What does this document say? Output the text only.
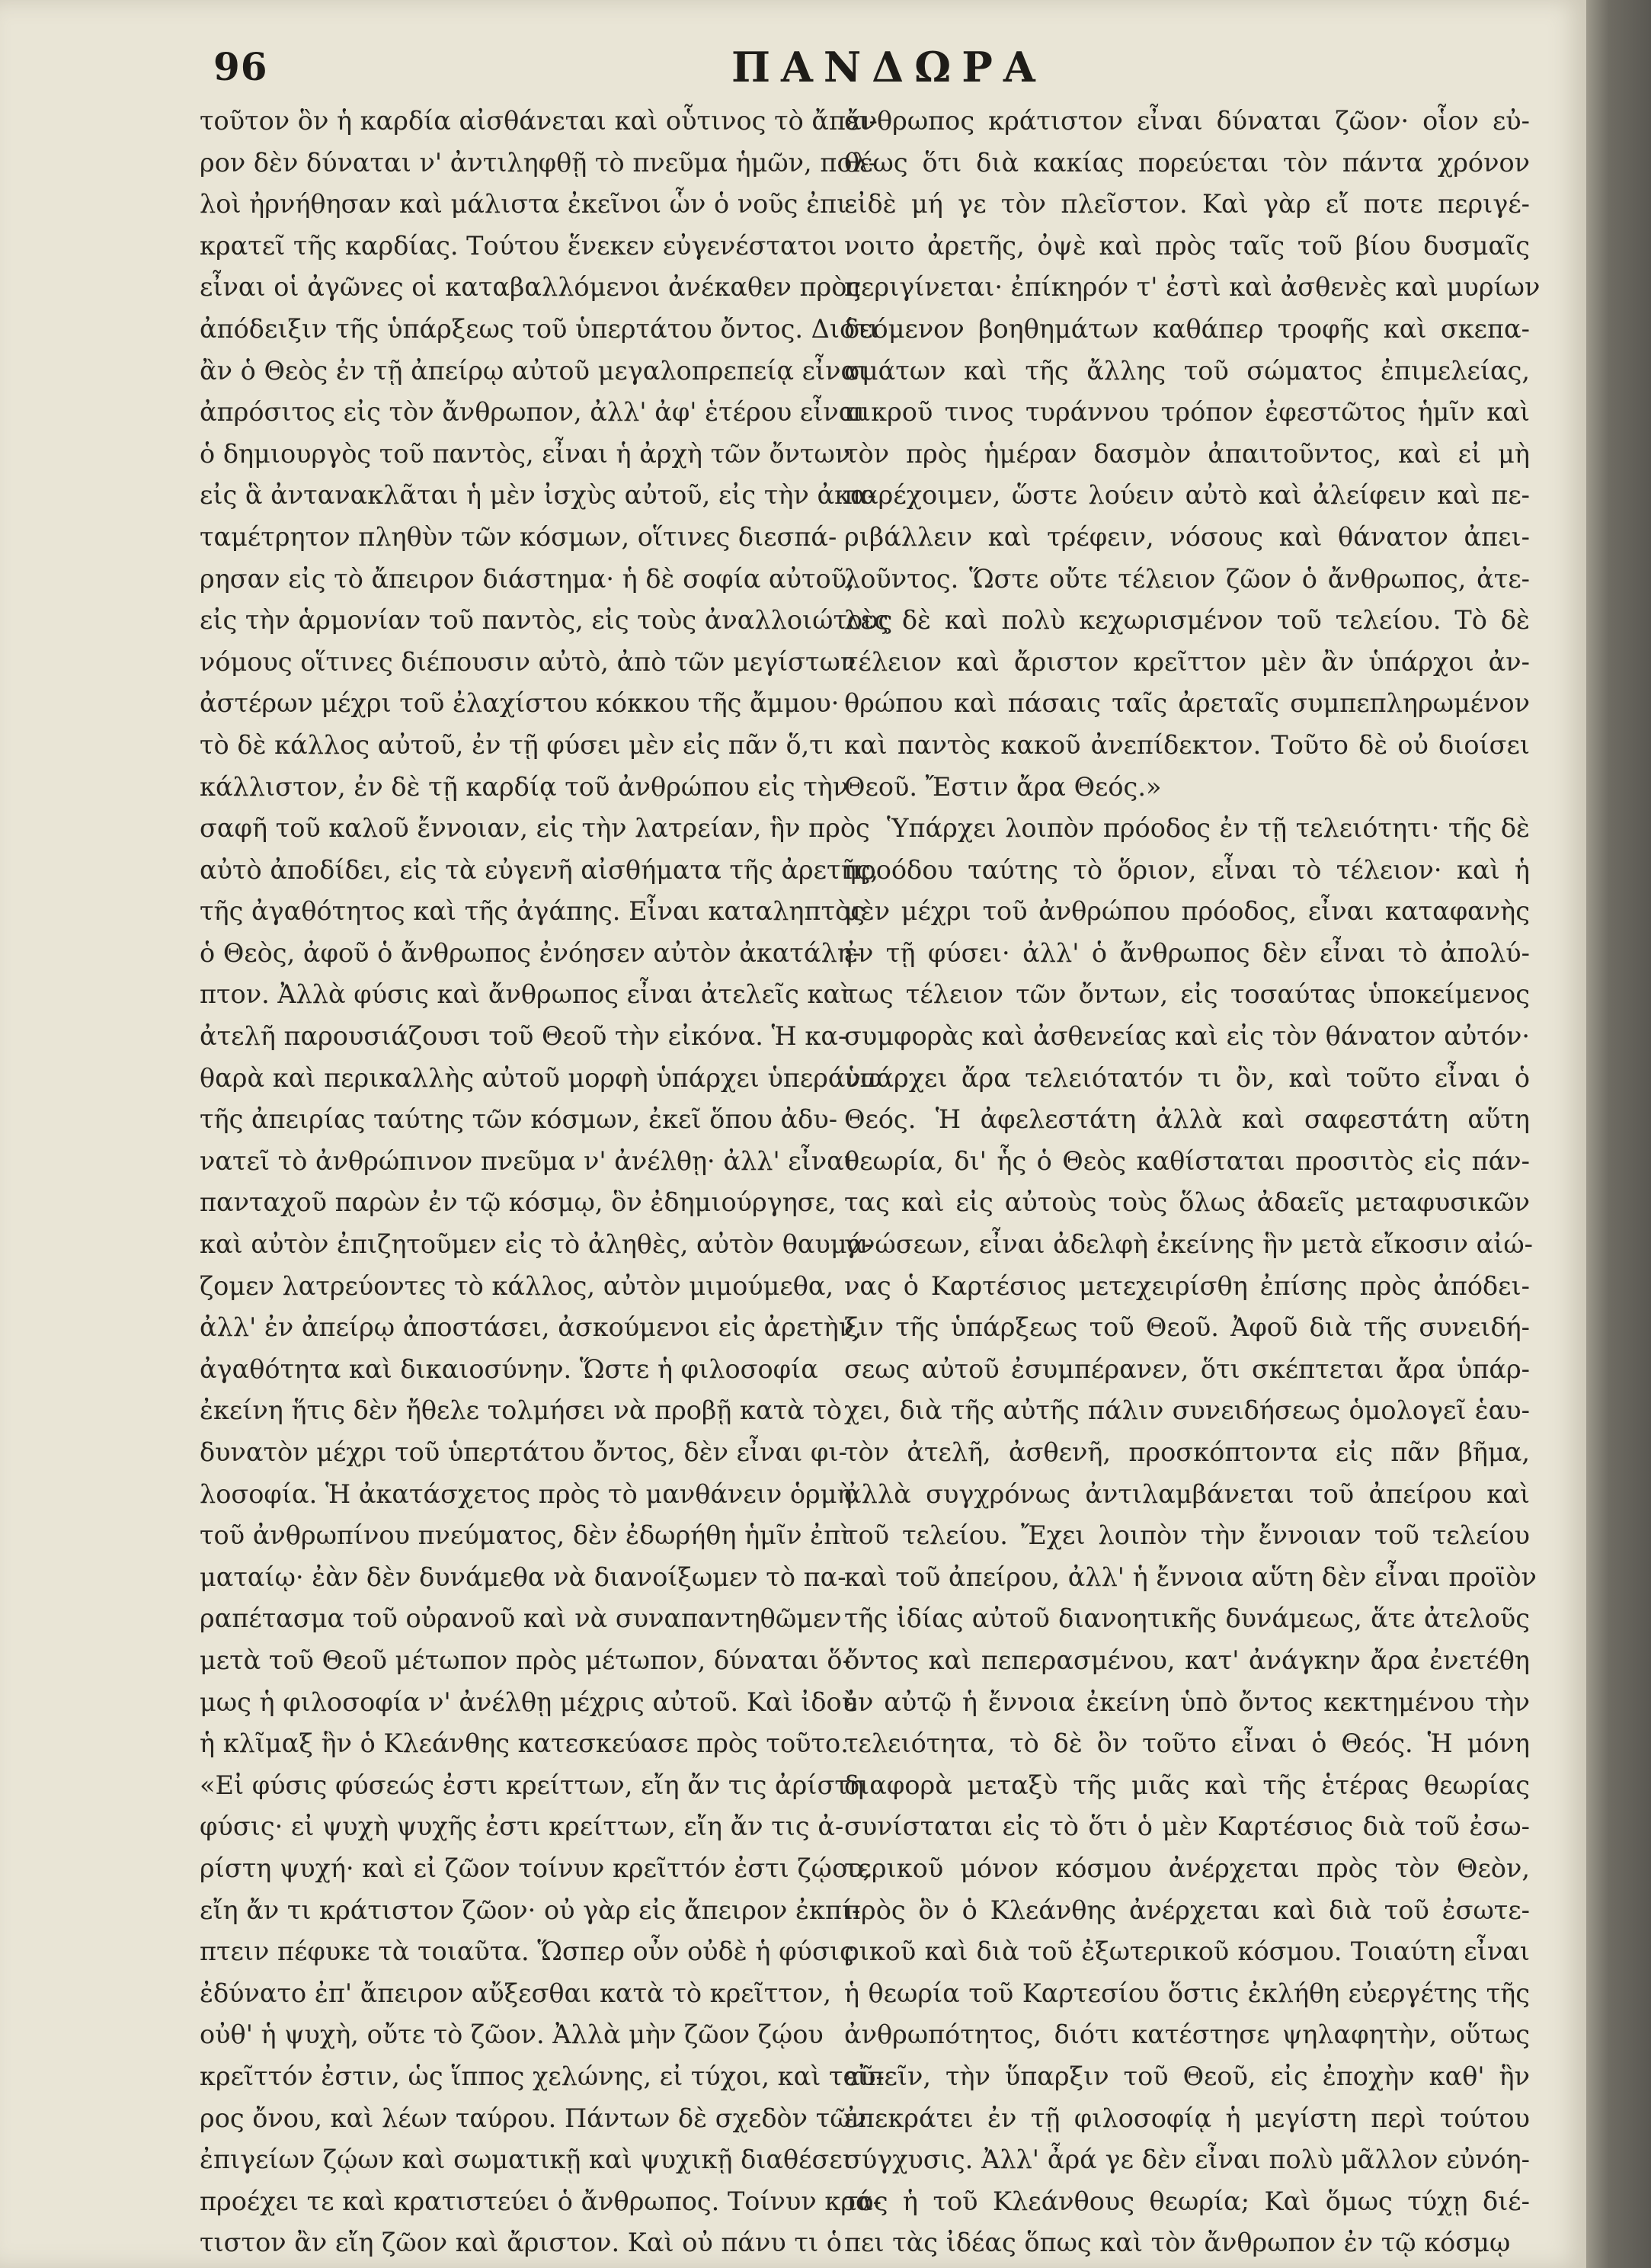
96	ΠΑΝΔΩΡΑ
τοῦτον ὃν ἡ καρδία αἰσθάνεται καὶ οὗτινος τὸ ἄπει-
ρον δὲν δύναται ν' ἀντιληφθῇ τὸ πνεῦμα ἡμῶν, πολ-
λοὶ ἠρνήθησαν καὶ μάλιστα ἐκεῖνοι ὧν ὁ νοῦς ἐπι-
κρατεῖ τῆς καρδίας. Τούτου ἕνεκεν εὐγενέστατοι
εἶναι οἱ ἀγῶνες οἱ καταβαλλόμενοι ἀνέκαθεν πρὸς
ἀπόδειξιν τῆς ὑπάρξεως τοῦ ὑπερτάτου ὄντος. Διότι
ἂν ὁ Θεὸς ἐν τῇ ἀπείρῳ αὐτοῦ μεγαλοπρεπείᾳ εἶναι
ἀπρόσιτος εἰς τὸν ἄνθρωπον, ἀλλ' ἀφ' ἑτέρου εἶναι
ὁ δημιουργὸς τοῦ παντὸς, εἶναι ἡ ἀρχὴ τῶν ὄντων
εἰς ἃ ἀντανακλᾶται ἡ μὲν ἰσχὺς αὐτοῦ, εἰς τὴν ἀκα-
ταμέτρητον πληθὺν τῶν κόσμων, οἵτινες διεσπά-
ρησαν εἰς τὸ ἄπειρον διάστημα· ἡ δὲ σοφία αὐτοῦ,
εἰς τὴν ἁρμονίαν τοῦ παντὸς, εἰς τοὺς ἀναλλοιώτους
νόμους οἵτινες διέπουσιν αὐτὸ, ἀπὸ τῶν μεγίστων
ἀστέρων μέχρι τοῦ ἐλαχίστου κόκκου τῆς ἄμμου·
τὸ δὲ κάλλος αὐτοῦ, ἐν τῇ φύσει μὲν εἰς πᾶν ὅ,τι
κάλλιστον, ἐν δὲ τῇ καρδίᾳ τοῦ ἀνθρώπου εἰς τὴν
σαφῆ τοῦ καλοῦ ἔννοιαν, εἰς τὴν λατρείαν, ἣν πρὸς
αὐτὸ ἀποδίδει, εἰς τὰ εὐγενῆ αἰσθήματα τῆς ἀρετῆς,
τῆς ἀγαθότητος καὶ τῆς ἀγάπης. Εἶναι καταληπτὸς
ὁ Θεὸς, ἀφοῦ ὁ ἄνθρωπος ἐνόησεν αὐτὸν ἀκατάλη-
πτον. Ἀλλὰ φύσις καὶ ἄνθρωπος εἶναι ἀτελεῖς καὶ
ἀτελῆ παρουσιάζουσι τοῦ Θεοῦ τὴν εἰκόνα. Ἡ κα-
θαρὰ καὶ περικαλλὴς αὐτοῦ μορφὴ ὑπάρχει ὑπεράνω
τῆς ἀπειρίας ταύτης τῶν κόσμων, ἐκεῖ ὅπου ἀδυ-
νατεῖ τὸ ἀνθρώπινον πνεῦμα ν' ἀνέλθῃ· ἀλλ' εἶναι
πανταχοῦ παρὼν ἐν τῷ κόσμῳ, ὃν ἐδημιούργησε,
καὶ αὐτὸν ἐπιζητοῦμεν εἰς τὸ ἀληθὲς, αὐτὸν θαυμά-
ζομεν λατρεύοντες τὸ κάλλος, αὐτὸν μιμούμεθα,
ἀλλ' ἐν ἀπείρῳ ἀποστάσει, ἀσκούμενοι εἰς ἀρετὴν,
ἀγαθότητα καὶ δικαιοσύνην. Ὥστε ἡ φιλοσοφία
ἐκείνη ἥτις δὲν ἤθελε τολμήσει νὰ προβῇ κατὰ τὸ
δυνατὸν μέχρι τοῦ ὑπερτάτου ὄντος, δὲν εἶναι φι-
λοσοφία. Ἡ ἀκατάσχετος πρὸς τὸ μανθάνειν ὁρμὴ
τοῦ ἀνθρωπίνου πνεύματος, δὲν ἐδωρήθη ἡμῖν ἐπὶ
ματαίῳ· ἐὰν δὲν δυνάμεθα νὰ διανοίξωμεν τὸ πα-
ραπέτασμα τοῦ οὐρανοῦ καὶ νὰ συναπαντηθῶμεν
μετὰ τοῦ Θεοῦ μέτωπον πρὸς μέτωπον, δύναται ὅ-
μως ἡ φιλοσοφία ν' ἀνέλθῃ μέχρις αὐτοῦ. Καὶ ἰδοὺ
ἡ κλῖμαξ ἣν ὁ Κλεάνθης κατεσκεύασε πρὸς τοῦτο.
«Εἰ φύσις φύσεώς ἐστι κρείττων, εἴη ἄν τις ἀρίστη
φύσις· εἰ ψυχὴ ψυχῆς ἐστι κρείττων, εἴη ἄν τις ἀ-
ρίστη ψυχή· καὶ εἰ ζῶον τοίνυν κρεῖττόν ἐστι ζῴου,
εἴη ἄν τι κράτιστον ζῶον· οὐ γὰρ εἰς ἄπειρον ἐκπί-
πτειν πέφυκε τὰ τοιαῦτα. Ὥσπερ οὖν οὐδὲ ἡ φύσις
ἐδύνατο ἐπ' ἄπειρον αὔξεσθαι κατὰ τὸ κρεῖττον,
οὐθ' ἡ ψυχὴ, οὔτε τὸ ζῶον. Ἀλλὰ μὴν ζῶον ζῴου
κρεῖττόν ἐστιν, ὡς ἵππος χελώνης, εἰ τύχοι, καὶ ταῦ-
ρος ὄνου, καὶ λέων ταύρου. Πάντων δὲ σχεδὸν τῶν
ἐπιγείων ζῴων καὶ σωματικῇ καὶ ψυχικῇ διαθέσει
προέχει τε καὶ κρατιστεύει ὁ ἄνθρωπος. Τοίνυν κρά-
τιστον ἂν εἴη ζῶον καὶ ἄριστον. Καὶ οὐ πάνυ τι ὁ
ἄνθρωπος κράτιστον εἶναι δύναται ζῶον· οἷον εὐ-
θέως ὅτι διὰ κακίας πορεύεται τὸν πάντα χρόνον
εἰδὲ μή γε τὸν πλεῖστον. Καὶ γὰρ εἴ ποτε περιγέ-
νοιτο ἀρετῆς, ὀψὲ καὶ πρὸς ταῖς τοῦ βίου δυσμαῖς
περιγίνεται· ἐπίκηρόν τ' ἐστὶ καὶ ἀσθενὲς καὶ μυρίων
δεόμενον βοηθημάτων καθάπερ τροφῆς καὶ σκεπα-
σμάτων καὶ τῆς ἄλλης τοῦ σώματος ἐπιμελείας,
πικροῦ τινος τυράννου τρόπον ἐφεστῶτος ἡμῖν καὶ
τὸν πρὸς ἡμέραν δασμὸν ἀπαιτοῦντος, καὶ εἰ μὴ
παρέχοιμεν, ὥστε λούειν αὐτὸ καὶ ἀλείφειν καὶ πε-
ριβάλλειν καὶ τρέφειν, νόσους καὶ θάνατον ἀπει-
λοῦντος. Ὥστε οὔτε τέλειον ζῶον ὁ ἄνθρωπος, ἀτε-
λὲς δὲ καὶ πολὺ κεχωρισμένον τοῦ τελείου. Τὸ δὲ
τέλειον καὶ ἄριστον κρεῖττον μὲν ἂν ὑπάρχοι ἀν-
θρώπου καὶ πάσαις ταῖς ἀρεταῖς συμπεπληρωμένον
καὶ παντὸς κακοῦ ἀνεπίδεκτον. Τοῦτο δὲ οὐ διοίσει
Θεοῦ. Ἔστιν ἄρα Θεός.»
Ὑπάρχει λοιπὸν πρόοδος ἐν τῇ τελειότητι· τῆς δὲ
προόδου ταύτης τὸ ὅριον, εἶναι τὸ τέλειον· καὶ ἡ
μὲν μέχρι τοῦ ἀνθρώπου πρόοδος, εἶναι καταφανὴς
ἐν τῇ φύσει· ἀλλ' ὁ ἄνθρωπος δὲν εἶναι τὸ ἀπολύ-
τως τέλειον τῶν ὄντων, εἰς τοσαύτας ὑποκείμενος
συμφορὰς καὶ ἀσθενείας καὶ εἰς τὸν θάνατον αὐτόν·
ὑπάρχει ἄρα τελειότατόν τι ὂν, καὶ τοῦτο εἶναι ὁ
Θεός. Ἡ ἀφελεστάτη ἀλλὰ καὶ σαφεστάτη αὕτη
θεωρία, δι' ἧς ὁ Θεὸς καθίσταται προσιτὸς εἰς πάν-
τας καὶ εἰς αὐτοὺς τοὺς ὅλως ἀδαεῖς μεταφυσικῶν
γνώσεων, εἶναι ἀδελφὴ ἐκείνης ἣν μετὰ εἴκοσιν αἰώ-
νας ὁ Καρτέσιος μετεχειρίσθη ἐπίσης πρὸς ἀπόδει-
ξιν τῆς ὑπάρξεως τοῦ Θεοῦ. Ἀφοῦ διὰ τῆς συνειδή-
σεως αὐτοῦ ἐσυμπέρανεν, ὅτι σκέπτεται ἄρα ὑπάρ-
χει, διὰ τῆς αὐτῆς πάλιν συνειδήσεως ὁμολογεῖ ἑαυ-
τὸν ἀτελῆ, ἀσθενῆ, προσκόπτοντα εἰς πᾶν βῆμα,
ἀλλὰ συγχρόνως ἀντιλαμβάνεται τοῦ ἀπείρου καὶ
τοῦ τελείου. Ἔχει λοιπὸν τὴν ἔννοιαν τοῦ τελείου
καὶ τοῦ ἀπείρου, ἀλλ' ἡ ἔννοια αὕτη δὲν εἶναι προϊὸν
τῆς ἰδίας αὐτοῦ διανοητικῆς δυνάμεως, ἅτε ἀτελοῦς
ὄντος καὶ πεπερασμένου, κατ' ἀνάγκην ἄρα ἐνετέθη
ἐν αὐτῷ ἡ ἔννοια ἐκείνη ὑπὸ ὄντος κεκτημένου τὴν
τελειότητα, τὸ δὲ ὂν τοῦτο εἶναι ὁ Θεός. Ἡ μόνη
διαφορὰ μεταξὺ τῆς μιᾶς καὶ τῆς ἑτέρας θεωρίας
συνίσταται εἰς τὸ ὅτι ὁ μὲν Καρτέσιος διὰ τοῦ ἐσω-
τερικοῦ μόνον κόσμου ἀνέρχεται πρὸς τὸν Θεὸν,
πρὸς ὃν ὁ Κλεάνθης ἀνέρχεται καὶ διὰ τοῦ ἐσωτε-
ρικοῦ καὶ διὰ τοῦ ἐξωτερικοῦ κόσμου. Τοιαύτη εἶναι
ἡ θεωρία τοῦ Καρτεσίου ὅστις ἐκλήθη εὐεργέτης τῆς
ἀνθρωπότητος, διότι κατέστησε ψηλαφητὴν, οὕτως
εἰπεῖν, τὴν ὕπαρξιν τοῦ Θεοῦ, εἰς ἐποχὴν καθ' ἣν
ἐπεκράτει ἐν τῇ φιλοσοφίᾳ ἡ μεγίστη περὶ τούτου
σύγχυσις. Ἀλλ' ἆρά γε δὲν εἶναι πολὺ μᾶλλον εὐνόη-
τος ἡ τοῦ Κλεάνθους θεωρία; Καὶ ὅμως τύχῃ διέ-
πει τὰς ἰδέας ὅπως καὶ τὸν ἄνθρωπον ἐν τῷ κόσμῳ
